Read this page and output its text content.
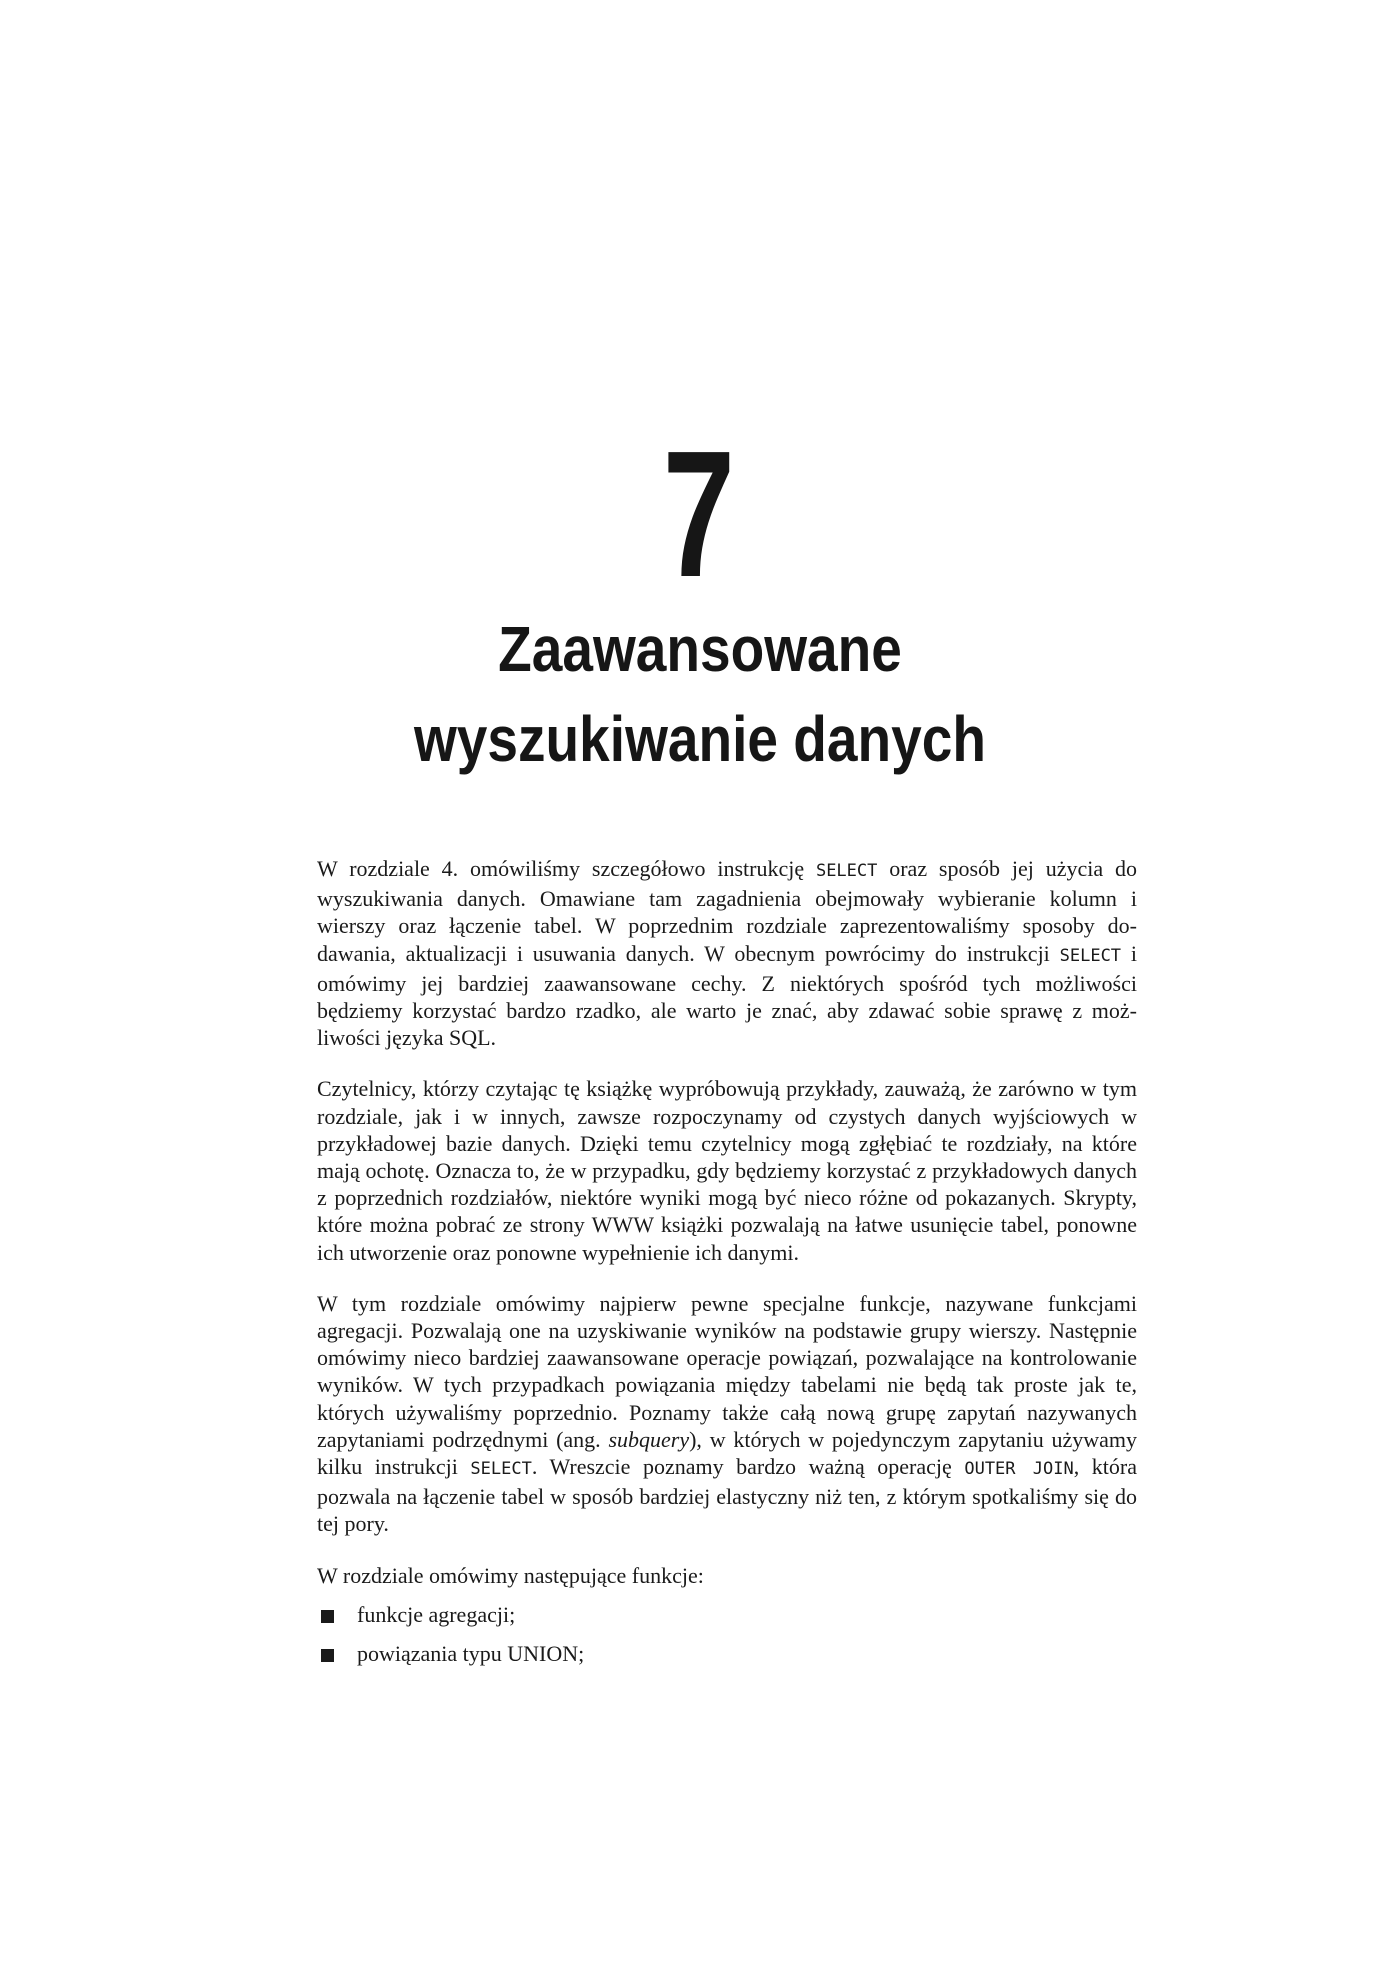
7
Zaawansowane
wyszukiwanie danych

W rozdziale 4. omówiliśmy szczegółowo instrukcję SELECT oraz sposób jej użycia do wyszukiwania danych. Omawiane tam zagadnienia obejmowały wybieranie kolumn i wierszy oraz łączenie tabel. W poprzednim rozdziale zaprezentowaliśmy sposoby dodawania, aktualizacji i usuwania danych. W obecnym powrócimy do instrukcji SELECT i omówimy jej bardziej zaawansowane cechy. Z niektórych spośród tych możliwości będziemy korzystać bardzo rzadko, ale warto je znać, aby zdawać sobie sprawę z możliwości języka SQL.

Czytelnicy, którzy czytając tę książkę wypróbowują przykłady, zauważą, że zarówno w tym rozdziale, jak i w innych, zawsze rozpoczynamy od czystych danych wyjściowych w przykładowej bazie danych. Dzięki temu czytelnicy mogą zgłębiać te rozdziały, na które mają ochotę. Oznacza to, że w przypadku, gdy będziemy korzystać z przykładowych danych z poprzednich rozdziałów, niektóre wyniki mogą być nieco różne od pokazanych. Skrypty, które można pobrać ze strony WWW książki pozwalają na łatwe usunięcie tabel, ponowne ich utworzenie oraz ponowne wypełnienie ich danymi.

W tym rozdziale omówimy najpierw pewne specjalne funkcje, nazywane funkcjami agregacji. Pozwalają one na uzyskiwanie wyników na podstawie grupy wierszy. Następnie omówimy nieco bardziej zaawansowane operacje powiązań, pozwalające na kontrolowanie wyników. W tych przypadkach powiązania między tabelami nie będą tak proste jak te, których używaliśmy poprzednio. Poznamy także całą nową grupę zapytań nazywanych zapytaniami podrzędnymi (ang. subquery), w których w pojedynczym zapytaniu używamy kilku instrukcji SELECT. Wreszcie poznamy bardzo ważną operację OUTER JOIN, która pozwala na łączenie tabel w sposób bardziej elastyczny niż ten, z którym spotkaliśmy się do tej pory.

W rozdziale omówimy następujące funkcje:

funkcje agregacji;
powiązania typu UNION;
